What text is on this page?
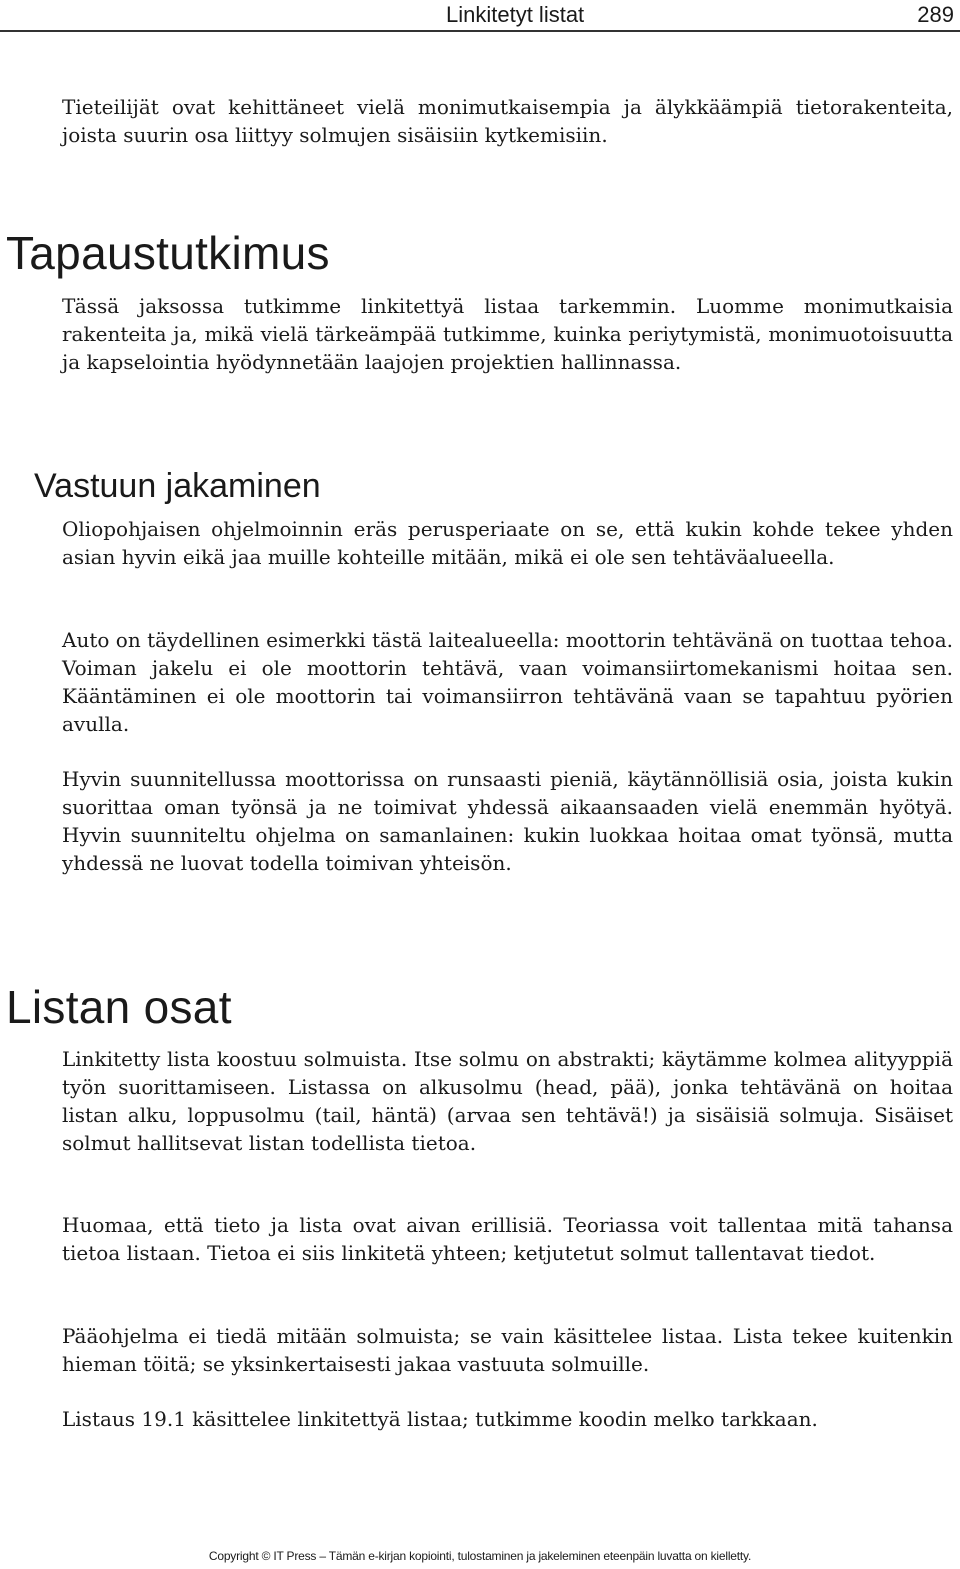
Linkitetyt listat	289

Tieteilijät ovat kehittäneet vielä monimutkaisempia ja älykkäämpiä tietorakenteita, joista suurin osa liittyy solmujen sisäisiin kytkemisiin.

Tapaustutkimus

Tässä jaksossa tutkimme linkitettyä listaa tarkemmin. Luomme monimutkaisia rakenteita ja, mikä vielä tärkeämpää tutkimme, kuinka periytymistä, monimuotoisuutta ja kapselointia hyödynnetään laajojen projektien hallinnassa.

Vastuun jakaminen

Oliopohjaisen ohjelmoinnin eräs perusperiaate on se, että kukin kohde tekee yhden asian hyvin eikä jaa muille kohteille mitään, mikä ei ole sen tehtäväalueella.

Auto on täydellinen esimerkki tästä laitealueella: moottorin tehtävänä on tuottaa tehoa. Voiman jakelu ei ole moottorin tehtävä, vaan voimansiirtomekanismi hoitaa sen. Kääntäminen ei ole moottorin tai voimansiirron tehtävänä vaan se tapahtuu pyörien avulla.

Hyvin suunnitellussa moottorissa on runsaasti pieniä, käytännöllisiä osia, joista kukin suorittaa oman työnsä ja ne toimivat yhdessä aikaansaaden vielä enemmän hyötyä. Hyvin suunniteltu ohjelma on samanlainen: kukin luokkaa hoitaa omat työnsä, mutta yhdessä ne luovat todella toimivan yhteisön.

Listan osat

Linkitetty lista koostuu solmuista. Itse solmu on abstrakti; käytämme kolmea alityyppiä työn suorittamiseen. Listassa on alkusolmu (head, pää), jonka tehtävänä on hoitaa listan alku, loppusolmu (tail, häntä) (arvaa sen tehtävä!) ja sisäisiä solmuja. Sisäiset solmut hallitsevat listan todellista tietoa.

Huomaa, että tieto ja lista ovat aivan erillisiä. Teoriassa voit tallentaa mitä tahansa tietoa listaan. Tietoa ei siis linkitetä yhteen; ketjutetut solmut tallentavat tiedot.

Pääohjelma ei tiedä mitään solmuista; se vain käsittelee listaa. Lista tekee kuitenkin hieman töitä; se yksinkertaisesti jakaa vastuuta solmuille.

Listaus 19.1 käsittelee linkitettyä listaa; tutkimme koodin melko tarkkaan.

Copyright © IT Press – Tämän e-kirjan kopiointi, tulostaminen ja jakeleminen eteenpäin luvatta on kielletty.
